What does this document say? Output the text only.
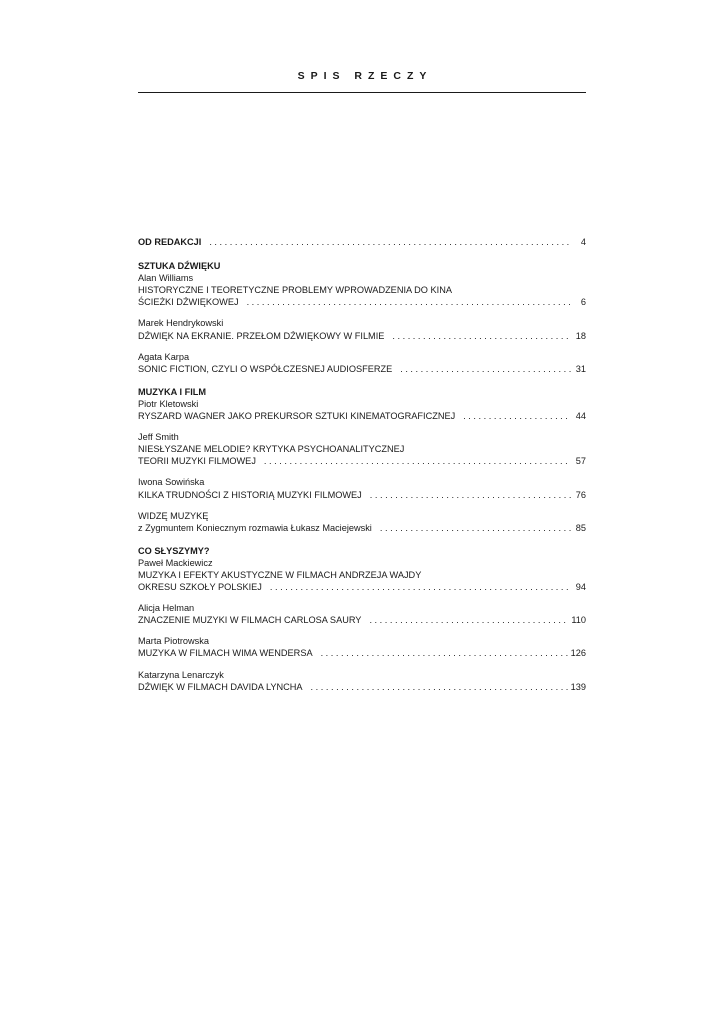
SPIS RZECZY
OD REDAKCJI . . .	4
SZTUKA DŹWIĘKU
Alan Williams
HISTORYCZNE I TEORETYCZNE PROBLEMY WPROWADZENIA DO KINA
ŚCIEŻKI DŹWIĘKOWEJ . . .	6
Marek Hendrykowski
DŹWIĘK NA EKRANIE. PRZEŁOM DŹWIĘKOWY W FILMIE . . .	18
Agata Karpa
SONIC FICTION, CZYLI O WSPÓŁCZESNEJ AUDIOSFERZE . . .	31
MUZYKA I FILM
Piotr Kletowski
RYSZARD WAGNER JAKO PREKURSOR SZTUKI KINEMATOGRAFICZNEJ . . .	44
Jeff Smith
NIESŁYSZANE MELODIE? KRYTYKA PSYCHOANALITYCZNEJ
TEORII MUZYKI FILMOWEJ . . .	57
Iwona Sowińska
KILKA TRUDNOŚCI Z HISTORIĄ MUZYKI FILMOWEJ . . .	76
WIDZĘ MUZYKĘ
z Zygmuntem Koniecznym rozmawia Łukasz Maciejewski . . .	85
CO SŁYSZYMY?
Paweł Mackiewicz
MUZYKA I EFEKTY AKUSTYCZNE W FILMACH ANDRZEJA WAJDY
OKRESU SZKOŁY POLSKIEJ . . .	94
Alicja Helman
ZNACZENIE MUZYKI W FILMACH CARLOSA SAURY . . .	110
Marta Piotrowska
MUZYKA W FILMACH WIMA WENDERSA . . .	126
Katarzyna Lenarczyk
DŹWIĘK W FILMACH DAVIDA LYNCHA . . .	139
